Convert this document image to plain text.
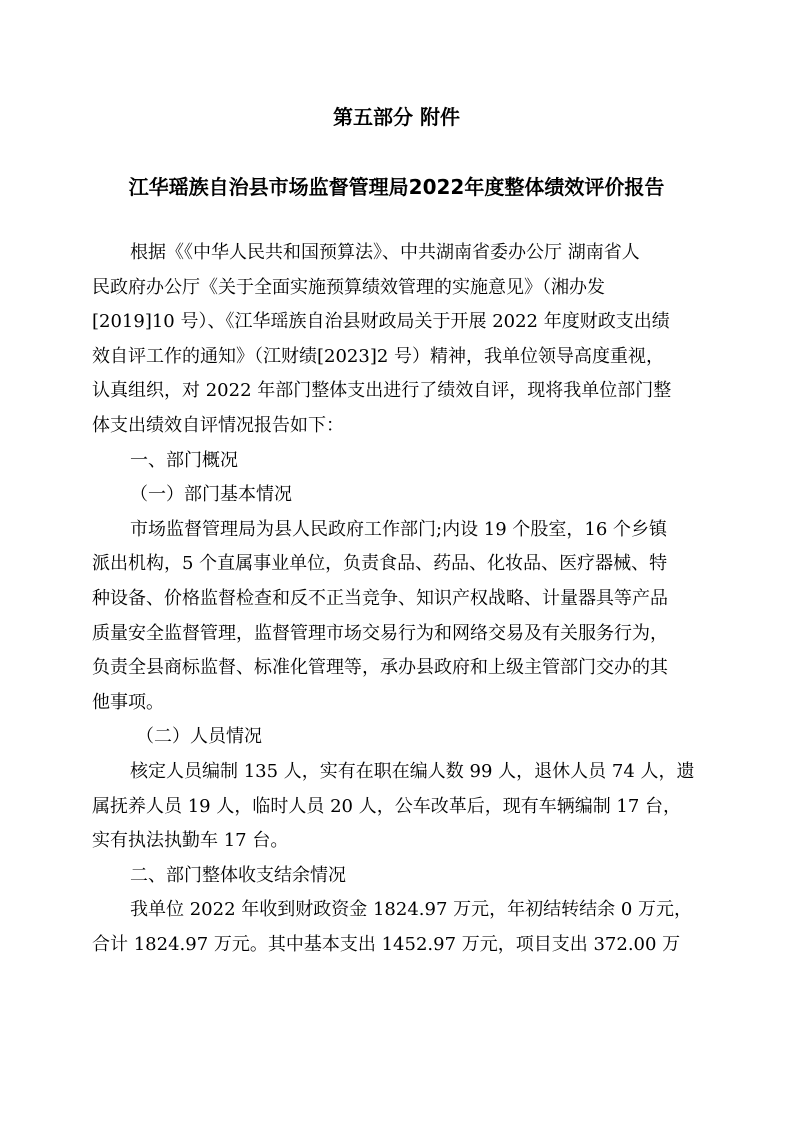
第五部分 附件
江华瑶族自治县市场监督管理局2022年度整体绩效评价报告
根据《《中华人民共和国预算法》、中共湖南省委办公厅 湖南省人
民政府办公厅《关于全面实施预算绩效管理的实施意见》（湘办发
[2019]10 号）、《江华瑶族自治县财政局关于开展 2022 年度财政支出绩
效自评工作的通知》（江财绩[2023]2 号）精神，我单位领导高度重视，
认真组织，对 2022 年部门整体支出进行了绩效自评，现将我单位部门整
体支出绩效自评情况报告如下：
一、部门概况
（一）部门基本情况
市场监督管理局为县人民政府工作部门;内设 19 个股室，16 个乡镇
派出机构，5 个直属事业单位，负责食品、药品、化妆品、医疗器械、特
种设备、价格监督检查和反不正当竞争、知识产权战略、计量器具等产品
质量安全监督管理，监督管理市场交易行为和网络交易及有关服务行为，
负责全县商标监督、标准化管理等，承办县政府和上级主管部门交办的其
他事项。
（二）人员情况
核定人员编制 135 人，实有在职在编人数 99 人，退休人员 74 人，遗
属抚养人员 19 人，临时人员 20 人，公车改革后，现有车辆编制 17 台，
实有执法执勤车 17 台。
二、部门整体收支结余情况
我单位 2022 年收到财政资金 1824.97 万元，年初结转结余 0 万元，
合计 1824.97 万元。其中基本支出 1452.97 万元，项目支出 372.00 万
